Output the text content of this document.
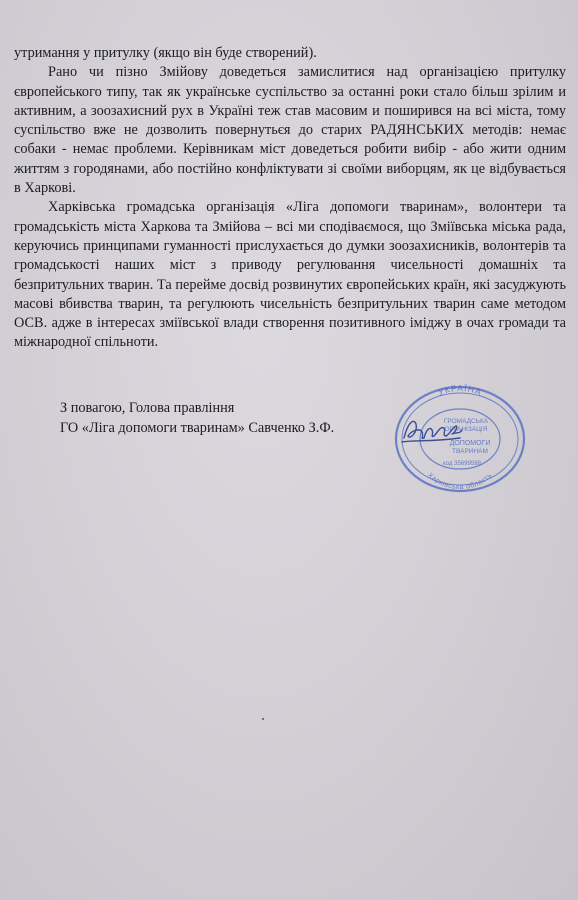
утримання у притулку (якщо він буде створений).

Рано чи пізно Змійову доведеться замислитися над організацією притулку європейського типу, так як українське суспільство за останні роки стало більш зрілим и активним, а зоозахисний рух в Україні теж став масовим и поширився на всі міста, тому суспільство вже не дозволить повернутьєя до старих РАДЯНСЬКИХ методів: немає собаки - немає проблеми. Керівникам міст доведеться робити вибір - або жити одним життям з городянами, або постійно конфліктувати зі своїми виборцям, як це відбувається в Харкові.

Харківська громадська організація «Ліга допомоги тваринам», волонтери та громадськість міста Харкова та Змійова – всі ми сподіваємося, що Зміївська міська рада, керуючись принципами гуманності прислухається до думки зоозахисників, волонтерів та громадськості наших міст з приводу регулювання чисельності домашніх та безпритульних тварин. Та перейме досвід розвинутих європейських країн, які засуджують масові вбивства тварин, та регулюють чисельність безпритульних тварин саме методом ОСВ. адже в інтересах зміївської влади створення позитивного іміджу в очах громади та міжнародної спільноти.

З повагою, Голова правління
ГО «Ліга допомоги тваринам» Савченко З.Ф.
УКРАЇНА
Харківська область
ГРОМАДСЬКА
ОРГАНІЗАЦІЯ
ДОПОМОГИ
ТВАРИНАМ
код 35699599
